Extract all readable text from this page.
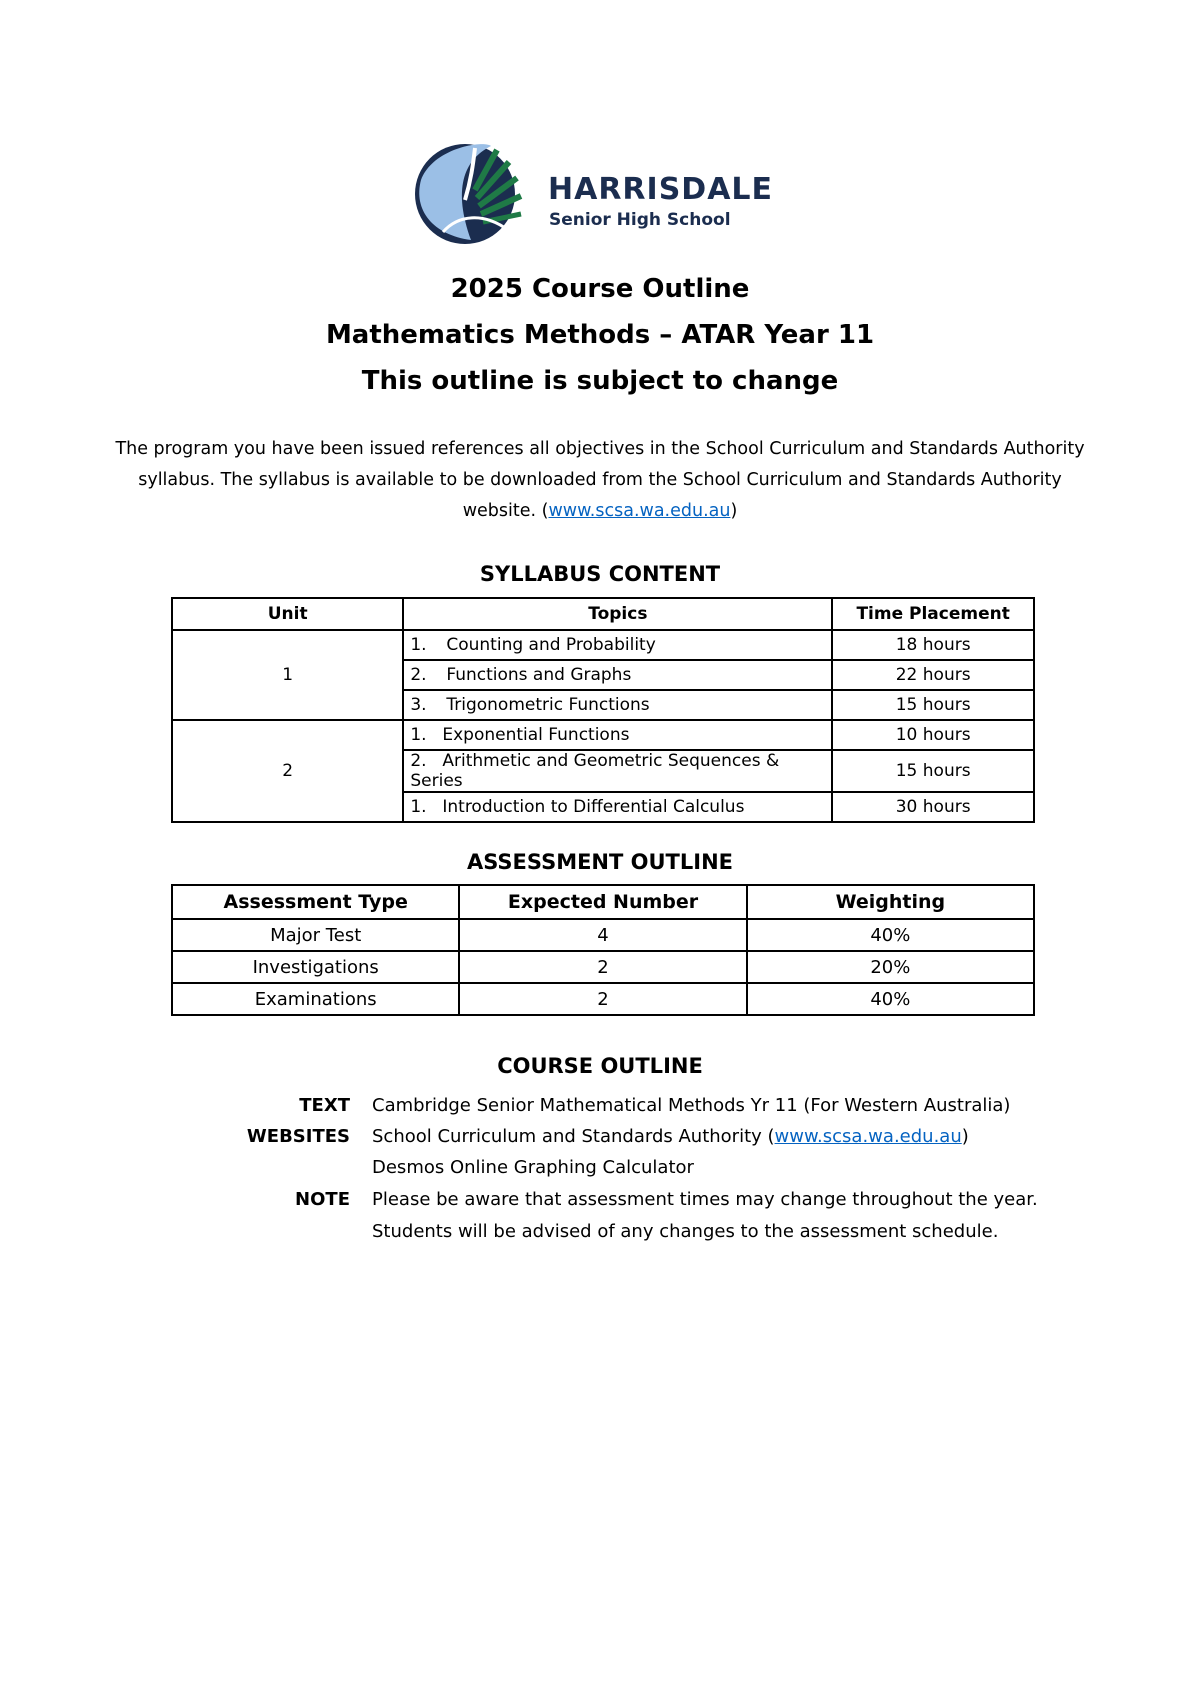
HARRISDALE
Senior High School
2025 Course Outline
Mathematics Methods – ATAR Year 11
This outline is subject to change
The program you have been issued references all objectives in the School Curriculum and Standards Authority syllabus. The syllabus is available to be downloaded from the School Curriculum and Standards Authority website. (www.scsa.wa.edu.au)
SYLLABUS CONTENT
Unit	Topics	Time Placement
1	1. Counting and Probability	18 hours
	2. Functions and Graphs	22 hours
	3. Trigonometric Functions	15 hours
2	1. Exponential Functions	10 hours
	2. Arithmetic and Geometric Sequences & Series	15 hours
	1. Introduction to Differential Calculus	30 hours
ASSESSMENT OUTLINE
Assessment Type	Expected Number	Weighting
Major Test	4	40%
Investigations	2	20%
Examinations	2	40%
COURSE OUTLINE
TEXT Cambridge Senior Mathematical Methods Yr 11 (For Western Australia)
WEBSITES School Curriculum and Standards Authority (www.scsa.wa.edu.au)
Desmos Online Graphing Calculator
NOTE Please be aware that assessment times may change throughout the year.
Students will be advised of any changes to the assessment schedule.
